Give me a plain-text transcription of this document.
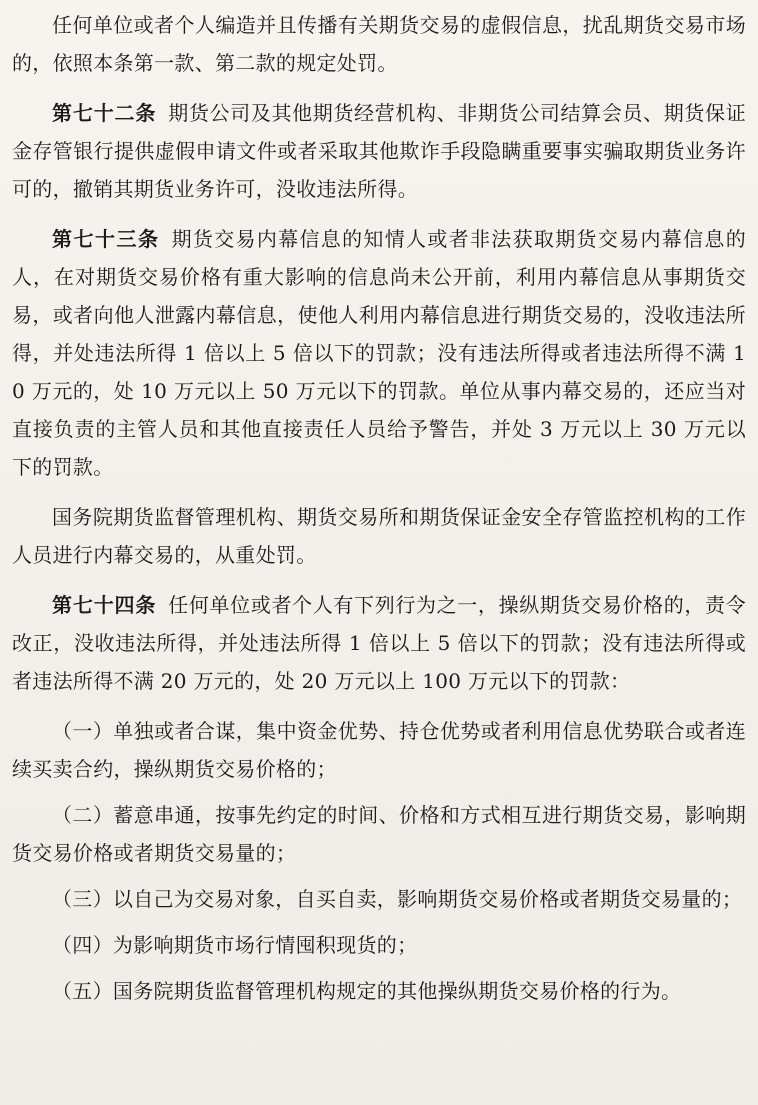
任何单位或者个人编造并且传播有关期货交易的虚假信息，扰乱期货交易市场的，依照本条第一款、第二款的规定处罚。

第七十二条 期货公司及其他期货经营机构、非期货公司结算会员、期货保证金存管银行提供虚假申请文件或者采取其他欺诈手段隐瞒重要事实骗取期货业务许可的，撤销其期货业务许可，没收违法所得。

第七十三条 期货交易内幕信息的知情人或者非法获取期货交易内幕信息的人，在对期货交易价格有重大影响的信息尚未公开前，利用内幕信息从事期货交易，或者向他人泄露内幕信息，使他人利用内幕信息进行期货交易的，没收违法所得，并处违法所得 1 倍以上 5 倍以下的罚款；没有违法所得或者违法所得不满 10 万元的，处 10 万元以上 50 万元以下的罚款。单位从事内幕交易的，还应当对直接负责的主管人员和其他直接责任人员给予警告，并处 3 万元以上 30 万元以下的罚款。

国务院期货监督管理机构、期货交易所和期货保证金安全存管监控机构的工作人员进行内幕交易的，从重处罚。

第七十四条 任何单位或者个人有下列行为之一，操纵期货交易价格的，责令改正，没收违法所得，并处违法所得 1 倍以上 5 倍以下的罚款；没有违法所得或者违法所得不满 20 万元的，处 20 万元以上 100 万元以下的罚款：

（一）单独或者合谋，集中资金优势、持仓优势或者利用信息优势联合或者连续买卖合约，操纵期货交易价格的；

（二）蓄意串通，按事先约定的时间、价格和方式相互进行期货交易，影响期货交易价格或者期货交易量的；

（三）以自己为交易对象，自买自卖，影响期货交易价格或者期货交易量的；

（四）为影响期货市场行情囤积现货的；

（五）国务院期货监督管理机构规定的其他操纵期货交易价格的行为。
